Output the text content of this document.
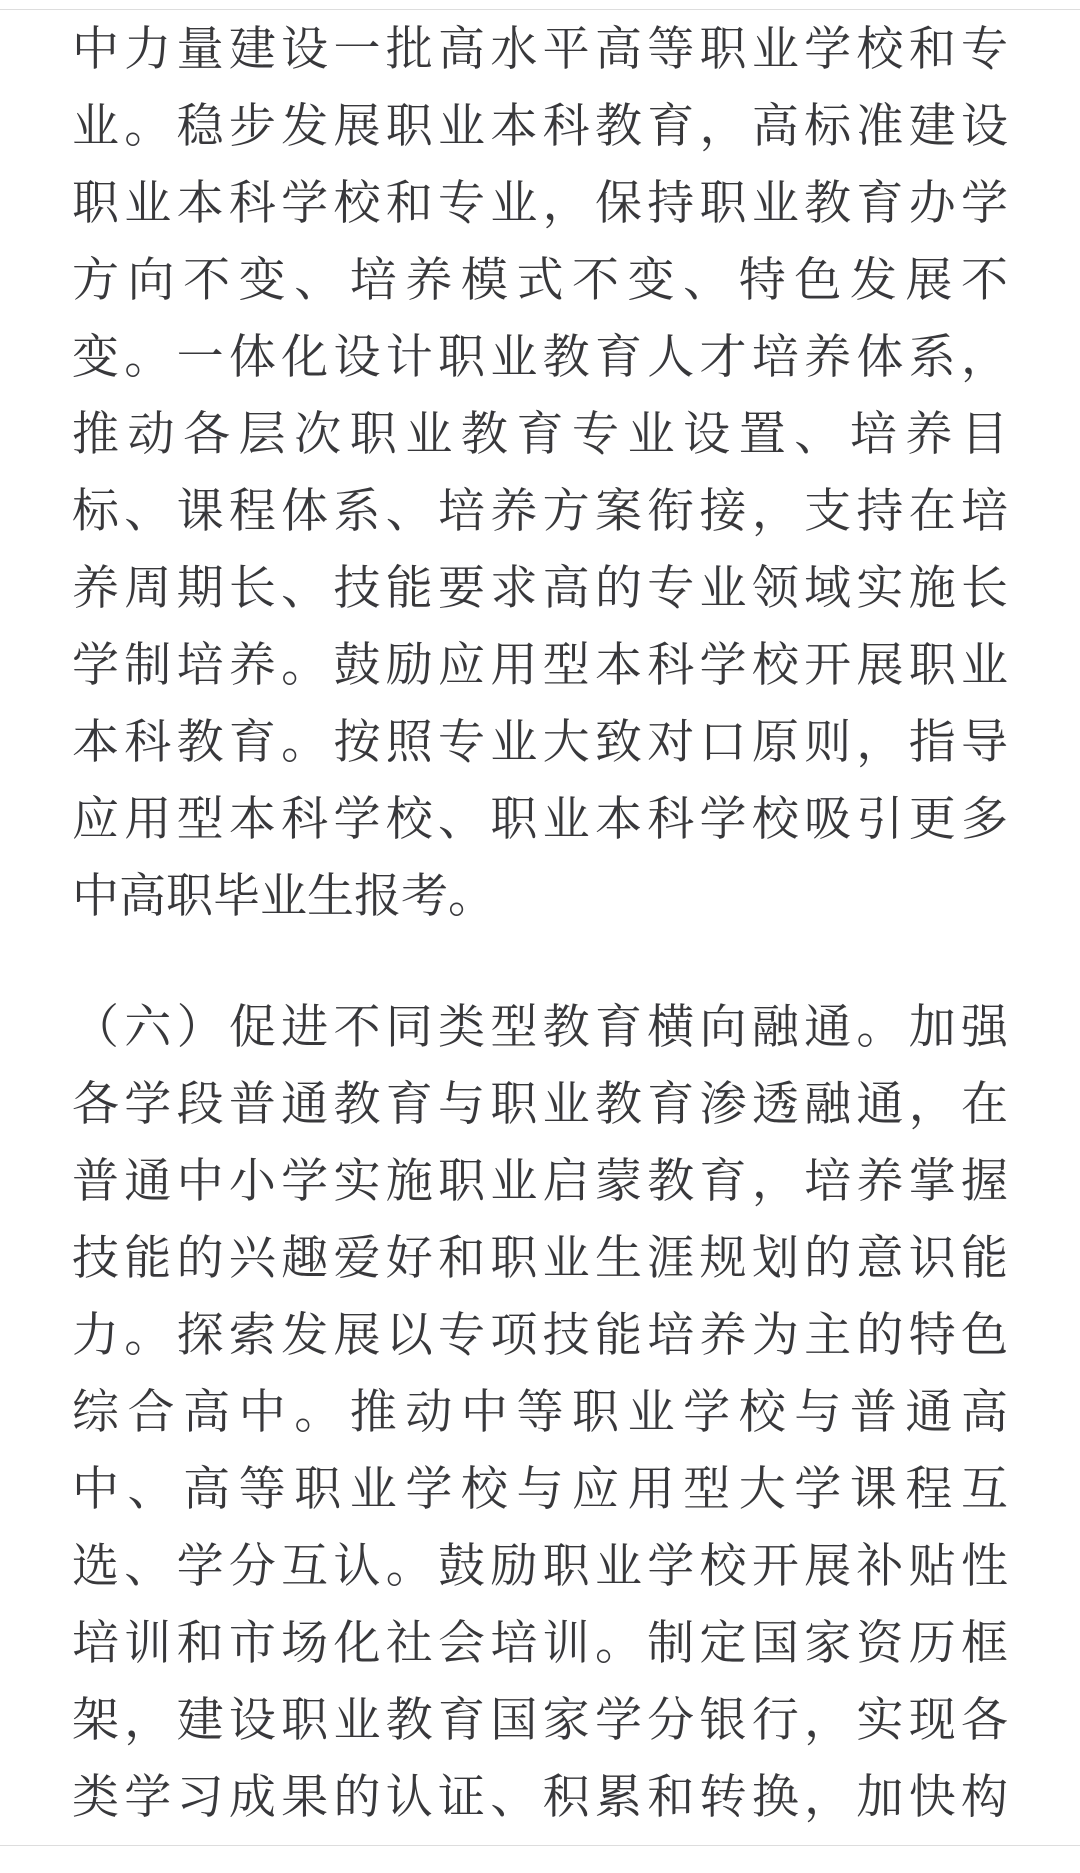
中力量建设一批高水平高等职业学校和专
业。稳步发展职业本科教育，高标准建设
职业本科学校和专业，保持职业教育办学
方向不变、培养模式不变、特色发展不
变。一体化设计职业教育人才培养体系，
推动各层次职业教育专业设置、培养目
标、课程体系、培养方案衔接，支持在培
养周期长、技能要求高的专业领域实施长
学制培养。鼓励应用型本科学校开展职业
本科教育。按照专业大致对口原则，指导
应用型本科学校、职业本科学校吸引更多
中高职毕业生报考。
（六）促进不同类型教育横向融通。加强
各学段普通教育与职业教育渗透融通，在
普通中小学实施职业启蒙教育，培养掌握
技能的兴趣爱好和职业生涯规划的意识能
力。探索发展以专项技能培养为主的特色
综合高中。推动中等职业学校与普通高
中、高等职业学校与应用型大学课程互
选、学分互认。鼓励职业学校开展补贴性
培训和市场化社会培训。制定国家资历框
架，建设职业教育国家学分银行，实现各
类学习成果的认证、积累和转换，加快构
